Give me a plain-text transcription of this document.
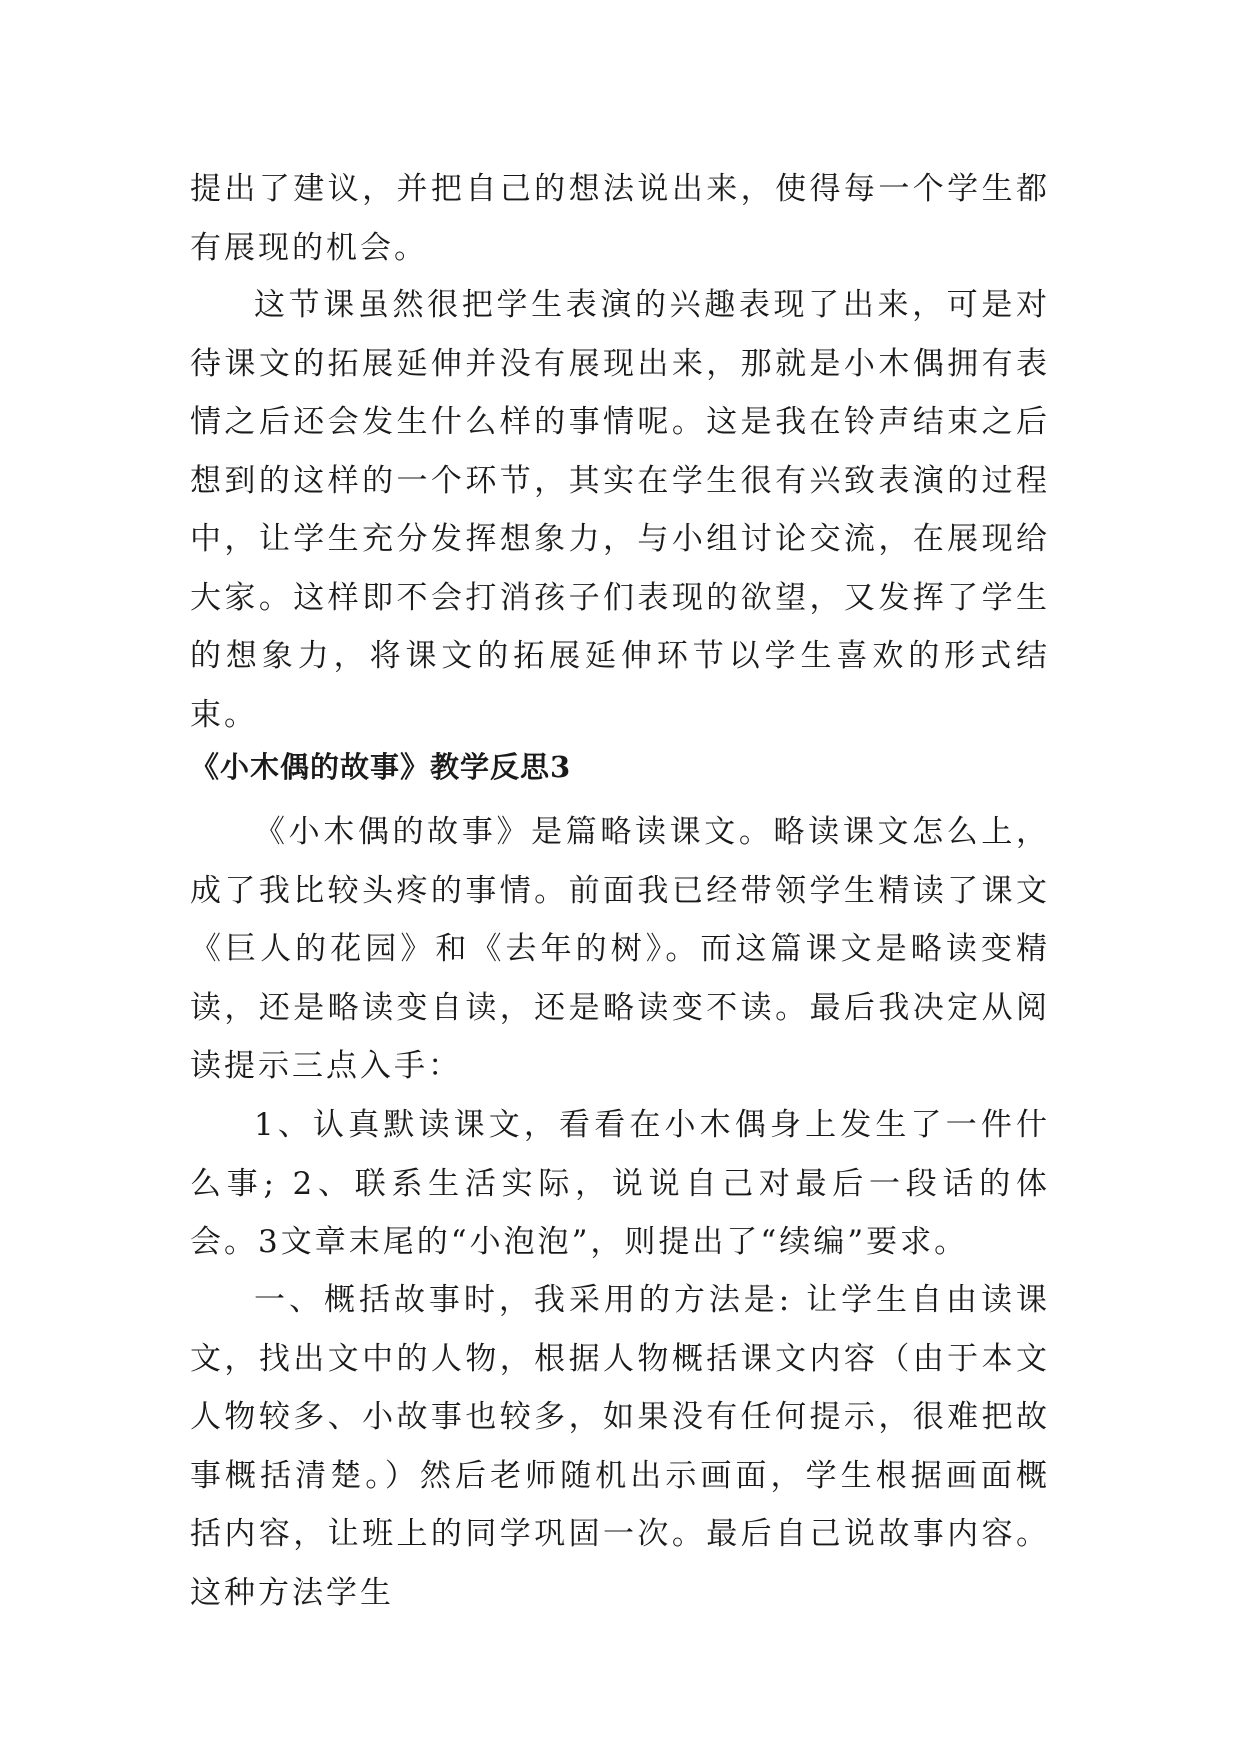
提出了建议，并把自己的想法说出来，使得每一个学生都有展现的机会。

这节课虽然很把学生表演的兴趣表现了出来，可是对待课文的拓展延伸并没有展现出来，那就是小木偶拥有表情之后还会发生什么样的事情呢。这是我在铃声结束之后想到的这样的一个环节，其实在学生很有兴致表演的过程中，让学生充分发挥想象力，与小组讨论交流，在展现给大家。这样即不会打消孩子们表现的欲望，又发挥了学生的想象力，将课文的拓展延伸环节以学生喜欢的形式结束。

《小木偶的故事》教学反思3

《小木偶的故事》是篇略读课文。略读课文怎么上，成了我比较头疼的事情。前面我已经带领学生精读了课文《巨人的花园》和《去年的树》。而这篇课文是略读变精读，还是略读变自读，还是略读变不读。最后我决定从阅读提示三点入手：

1、认真默读课文，看看在小木偶身上发生了一件什么事; 2、联系生活实际，说说自己对最后一段话的体会。3文章末尾的“小泡泡”，则提出了“续编”要求。

一、概括故事时，我采用的方法是: 让学生自由读课文，找出文中的人物，根据人物概括课文内容（由于本文人物较多、小故事也较多，如果没有任何提示，很难把故事概括清楚。）然后老师随机出示画面，学生根据画面概括内容，让班上的同学巩固一次。最后自己说故事内容。这种方法学生
